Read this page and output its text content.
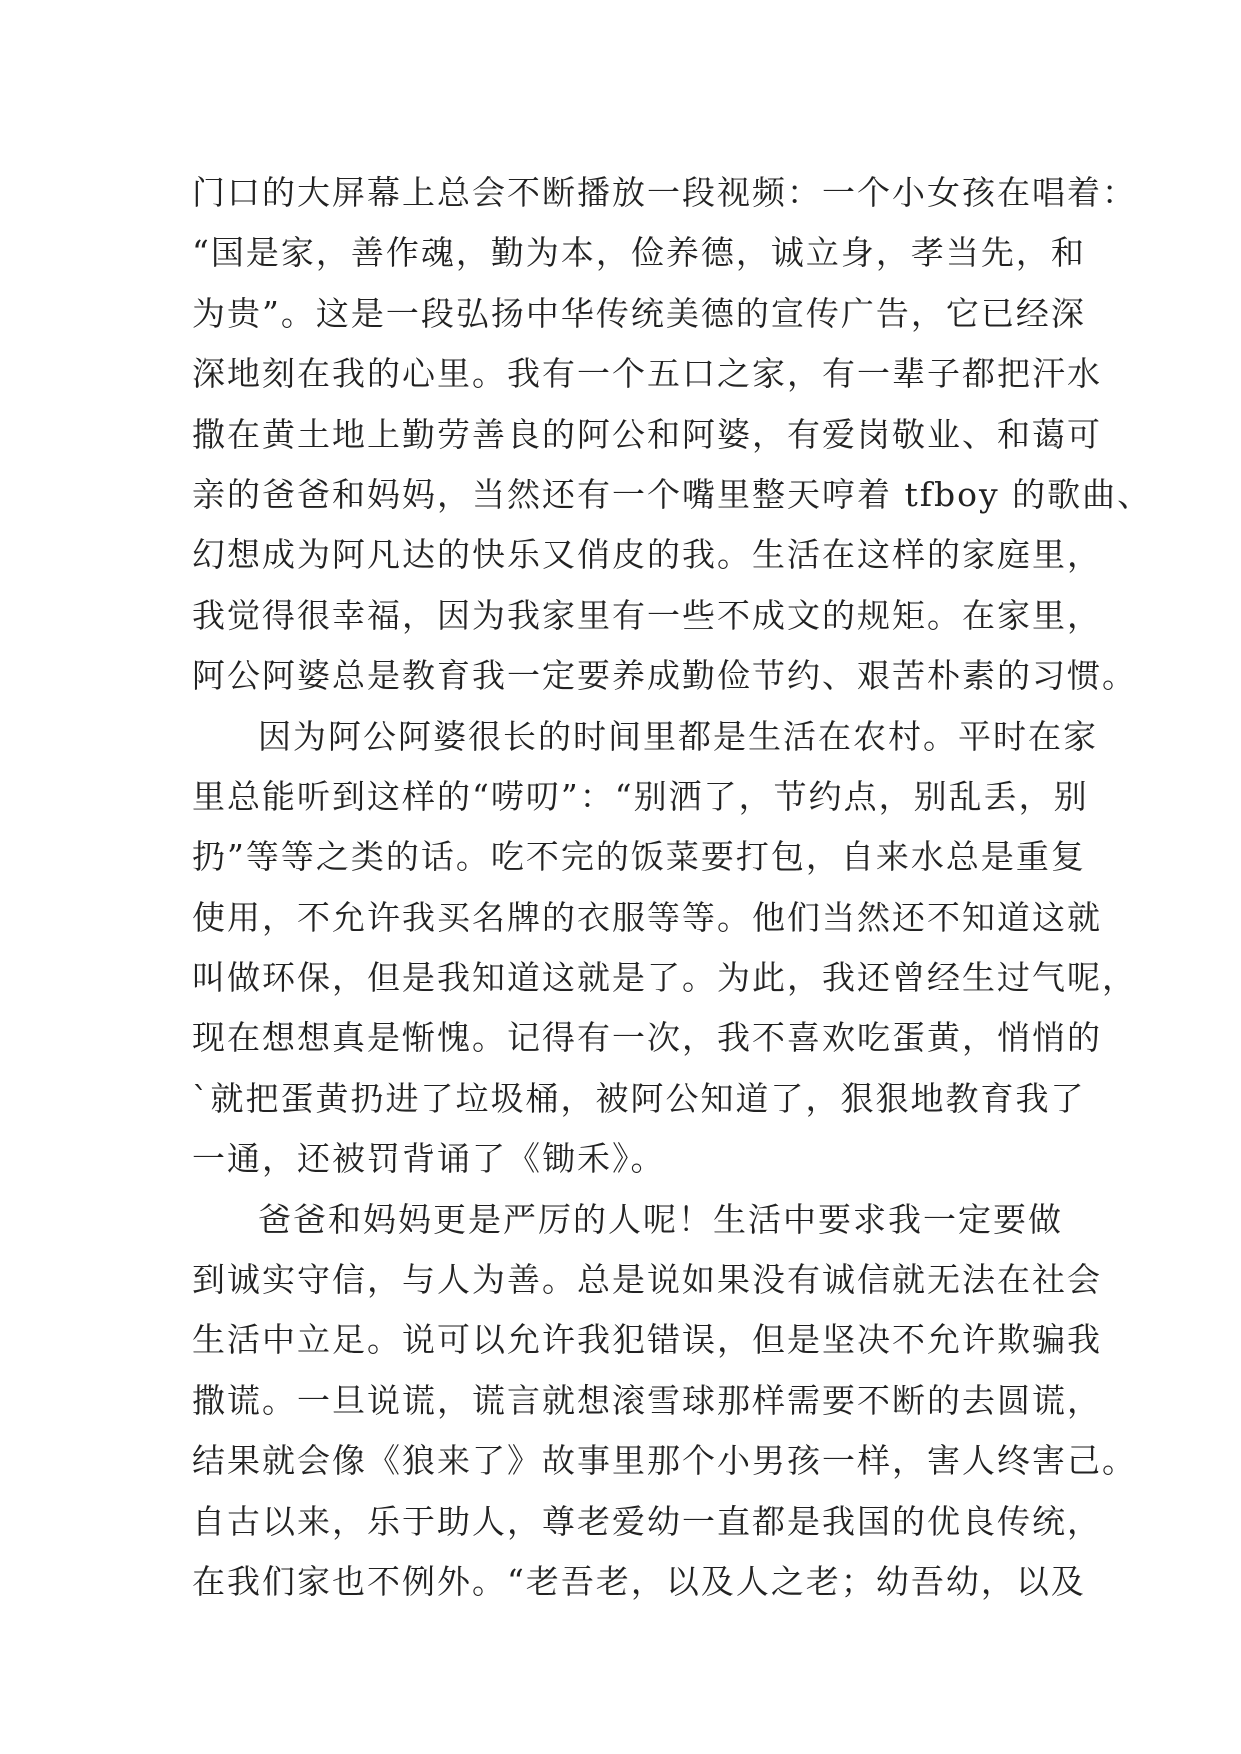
门口的大屏幕上总会不断播放一段视频：一个小女孩在唱着：
“国是家，善作魂，勤为本，俭养德，诚立身，孝当先，和
为贵”。这是一段弘扬中华传统美德的宣传广告，它已经深
深地刻在我的心里。我有一个五口之家，有一辈子都把汗水
撒在黄土地上勤劳善良的阿公和阿婆，有爱岗敬业、和蔼可
亲的爸爸和妈妈，当然还有一个嘴里整天哼着 tfboy 的歌曲、
幻想成为阿凡达的快乐又俏皮的我。生活在这样的家庭里，
我觉得很幸福，因为我家里有一些不成文的规矩。在家里，
阿公阿婆总是教育我一定要养成勤俭节约、艰苦朴素的习惯。
因为阿公阿婆很长的时间里都是生活在农村。平时在家
里总能听到这样的“唠叨”：“别洒了，节约点，别乱丢，别
扔”等等之类的话。吃不完的饭菜要打包，自来水总是重复
使用，不允许我买名牌的衣服等等。他们当然还不知道这就
叫做环保，但是我知道这就是了。为此，我还曾经生过气呢，
现在想想真是惭愧。记得有一次，我不喜欢吃蛋黄，悄悄的
`就把蛋黄扔进了垃圾桶，被阿公知道了，狠狠地教育我了
一通，还被罚背诵了《锄禾》。
爸爸和妈妈更是严厉的人呢！生活中要求我一定要做
到诚实守信，与人为善。总是说如果没有诚信就无法在社会
生活中立足。说可以允许我犯错误，但是坚决不允许欺骗我
撒谎。一旦说谎，谎言就想滚雪球那样需要不断的去圆谎，
结果就会像《狼来了》故事里那个小男孩一样，害人终害己。
自古以来，乐于助人，尊老爱幼一直都是我国的优良传统，
在我们家也不例外。“老吾老，以及人之老；幼吾幼，以及
